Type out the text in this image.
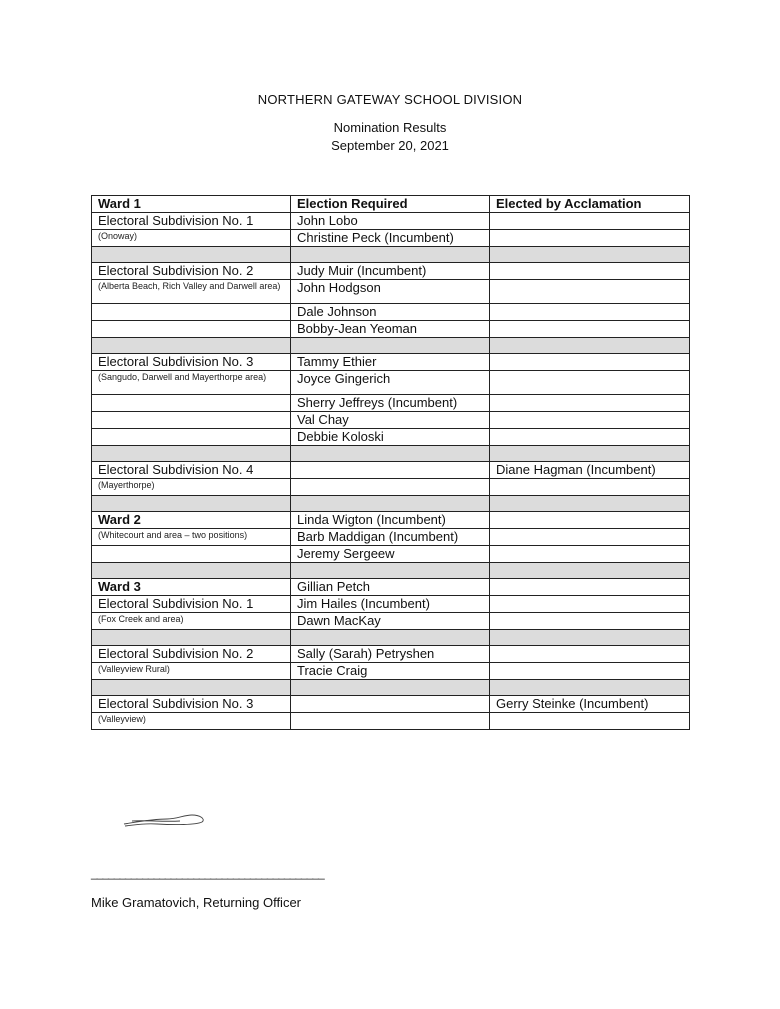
NORTHERN GATEWAY SCHOOL DIVISION
Nomination Results
September 20, 2021
Ward 1	Election Required	Elected by Acclamation
Electoral Subdivision No. 1	John Lobo	

(Onoway)	Christine Peck (Incumbent)	

Electoral Subdivision No. 2	Judy Muir (Incumbent)	

(Alberta Beach, Rich Valley and Darwell area)	John Hodgson	
	Dale Johnson	
	Bobby-Jean Yeoman	

Electoral Subdivision No. 3	Tammy Ethier	

(Sangudo, Darwell and Mayerthorpe area)	Joyce Gingerich	
	Sherry Jeffreys (Incumbent)	
	Val Chay	
	Debbie Koloski	

Electoral Subdivision No. 4		Diane Hagman (Incumbent)

(Mayerthorpe)		

Ward 2	Linda Wigton (Incumbent)	

(Whitecourt and area – two positions)	Barb Maddigan (Incumbent)	
	Jeremy Sergeew	

Ward 3	Gillian Petch	
Electoral Subdivision No. 1	Jim Hailes (Incumbent)	

(Fox Creek and area)	Dawn MacKay	

Electoral Subdivision No. 2	Sally (Sarah) Petryshen	

(Valleyview Rural)	Tracie Craig	

Electoral Subdivision No. 3		Gerry Steinke (Incumbent)

(Valleyview)		

_________________________________________
Mike Gramatovich, Returning Officer
